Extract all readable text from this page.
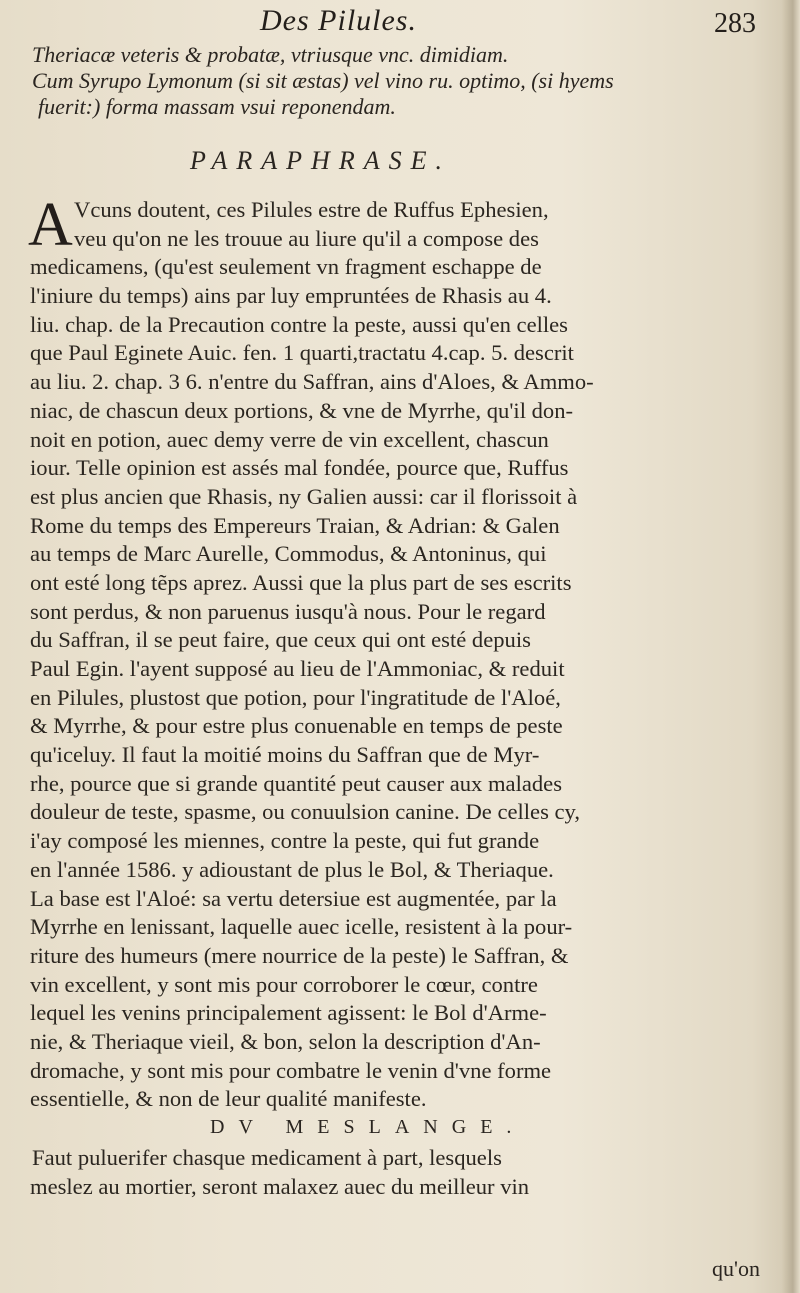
Des Pilules.	283
Theriacæ veteris & probatæ, vtriusque vnc. dimidiam.
Cum Syrupo Lymonum (si sit æstas) vel vino ru. optimo, (si hyems
fuerit:) forma massam vsui reponendam.
PARAPHRASE.
A Vcuns doutent, ces Pilules estre de Ruffus Ephesien,
veu qu'on ne les trouue au liure qu'il a compose des
medicamens, (qu'est seulement vn fragment eschappe de
l'iniure du temps) ains par luy empruntées de Rhasis au 4.
liu. chap. de la Precaution contre la peste, aussi qu'en celles
que Paul Eginete Auic. fen. 1 quarti,tractatu 4.cap. 5. descrit
au liu. 2. chap. 3 6. n'entre du Saffran, ains d'Aloes, & Ammo-
niac, de chascun deux portions, & vne de Myrrhe, qu'il don-
noit en potion, auec demy verre de vin excellent, chascun
iour. Telle opinion est assés mal fondée, pource que, Ruffus
est plus ancien que Rhasis, ny Galien aussi: car il florissoit à
Rome du temps des Empereurs Traian, & Adrian: & Galen
au temps de Marc Aurelle, Commodus, & Antoninus, qui
ont esté long tẽps aprez. Aussi que la plus part de ses escrits
sont perdus, & non paruenus iusqu'à nous. Pour le regard
du Saffran, il se peut faire, que ceux qui ont esté depuis
Paul Egin. l'ayent supposé au lieu de l'Ammoniac, & reduit
en Pilules, plustost que potion, pour l'ingratitude de l'Aloé,
& Myrrhe, & pour estre plus conuenable en temps de peste
qu'iceluy. Il faut la moitié moins du Saffran que de Myr-
rhe, pource que si grande quantité peut causer aux malades
douleur de teste, spasme, ou conuulsion canine. De celles cy,
i'ay composé les miennes, contre la peste, qui fut grande
en l'année 1586. y adioustant de plus le Bol, & Theriaque.
La base est l'Aloé: sa vertu detersiue est augmentée, par la
Myrrhe en lenissant, laquelle auec icelle, resistent à la pour-
riture des humeurs (mere nourrice de la peste) le Saffran, &
vin excellent, y sont mis pour corroborer le cœur, contre
lequel les venins principalement agissent: le Bol d'Arme-
nie, & Theriaque vieil, & bon, selon la description d'An-
dromache, y sont mis pour combatre le venin d'vne forme
essentielle, & non de leur qualité manifeste.
DV MESLANGE.
Faut puluerifer chasque medicament à part, lesquels
meslez au mortier, seront malaxez auec du meilleur vin
qu'on
